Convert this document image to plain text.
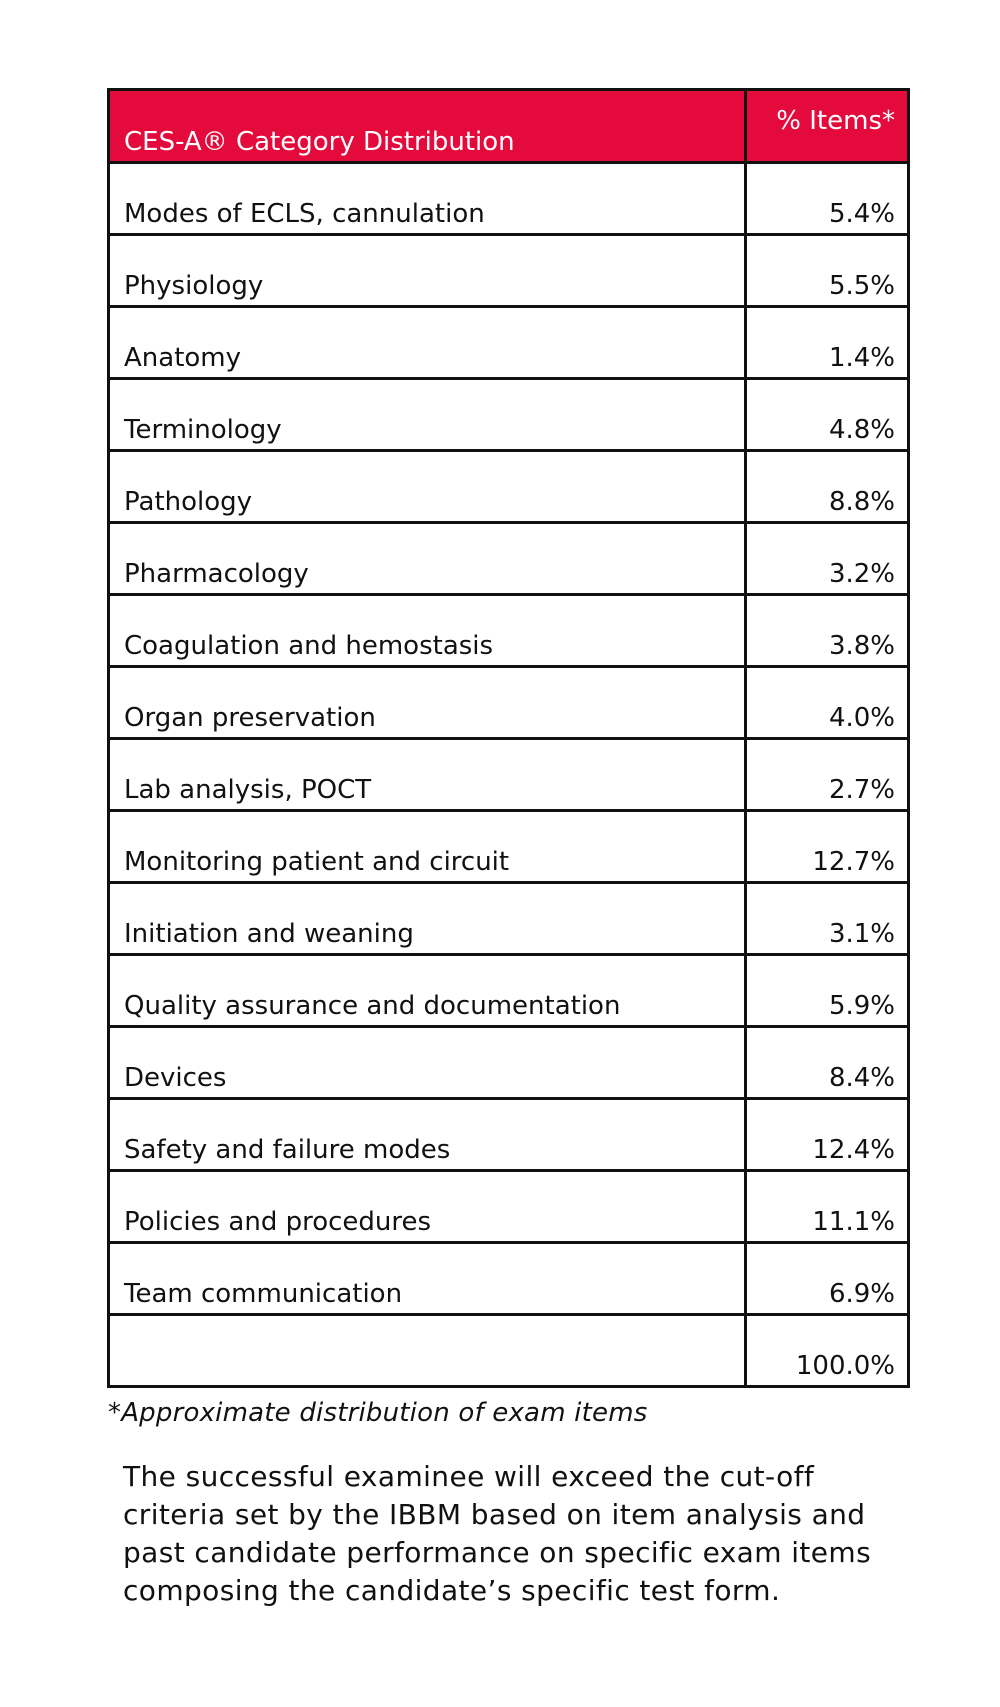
CES-A® Category Distribution	% Items*
Modes of ECLS, cannulation	5.4%
Physiology	5.5%
Anatomy	1.4%
Terminology	4.8%
Pathology	8.8%
Pharmacology	3.2%
Coagulation and hemostasis	3.8%
Organ preservation	4.0%
Lab analysis, POCT	2.7%
Monitoring patient and circuit	12.7%
Initiation and weaning	3.1%
Quality assurance and documentation	5.9%
Devices	8.4%
Safety and failure modes	12.4%
Policies and procedures	11.1%
Team communication	6.9%
	100.0%
*Approximate distribution of exam items
The successful examinee will exceed the cut-off
criteria set by the IBBM based on item analysis and
past candidate performance on specific exam items
composing the candidate’s specific test form.
